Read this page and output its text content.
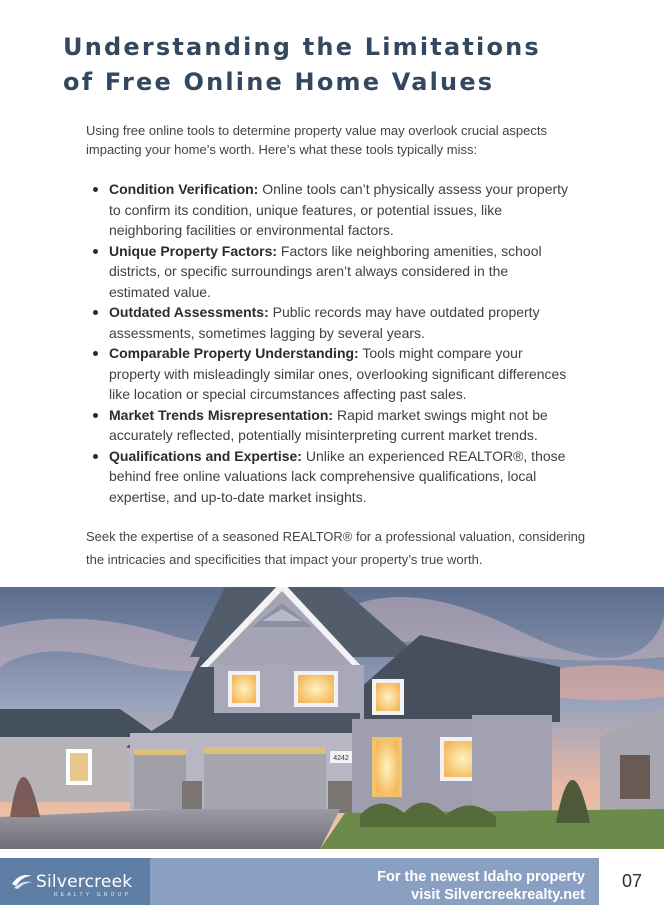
Understanding the Limitations
of Free Online Home Values

Using free online tools to determine property value may overlook crucial aspects impacting your home’s worth. Here’s what these tools typically miss:

Condition Verification: Online tools can’t physically assess your property to confirm its condition, unique features, or potential issues, like neighboring facilities or environmental factors.
Unique Property Factors: Factors like neighboring amenities, school districts, or specific surroundings aren’t always considered in the estimated value.
Outdated Assessments: Public records may have outdated property assessments, sometimes lagging by several years.
Comparable Property Understanding: Tools might compare your property with misleadingly similar ones, overlooking significant differences like location or special circumstances affecting past sales.
Market Trends Misrepresentation: Rapid market swings might not be accurately reflected, potentially misinterpreting current market trends.
Qualifications and Expertise: Unlike an experienced REALTOR®, those behind free online valuations lack comprehensive qualifications, local expertise, and up-to-date market insights.

Seek the expertise of a seasoned REALTOR® for a professional valuation, considering the intricacies and specificities that impact your property’s true worth.

4242
Silvercreek
REALTY GROUP
For the newest Idaho property
visit Silvercreekrealty.net
07
